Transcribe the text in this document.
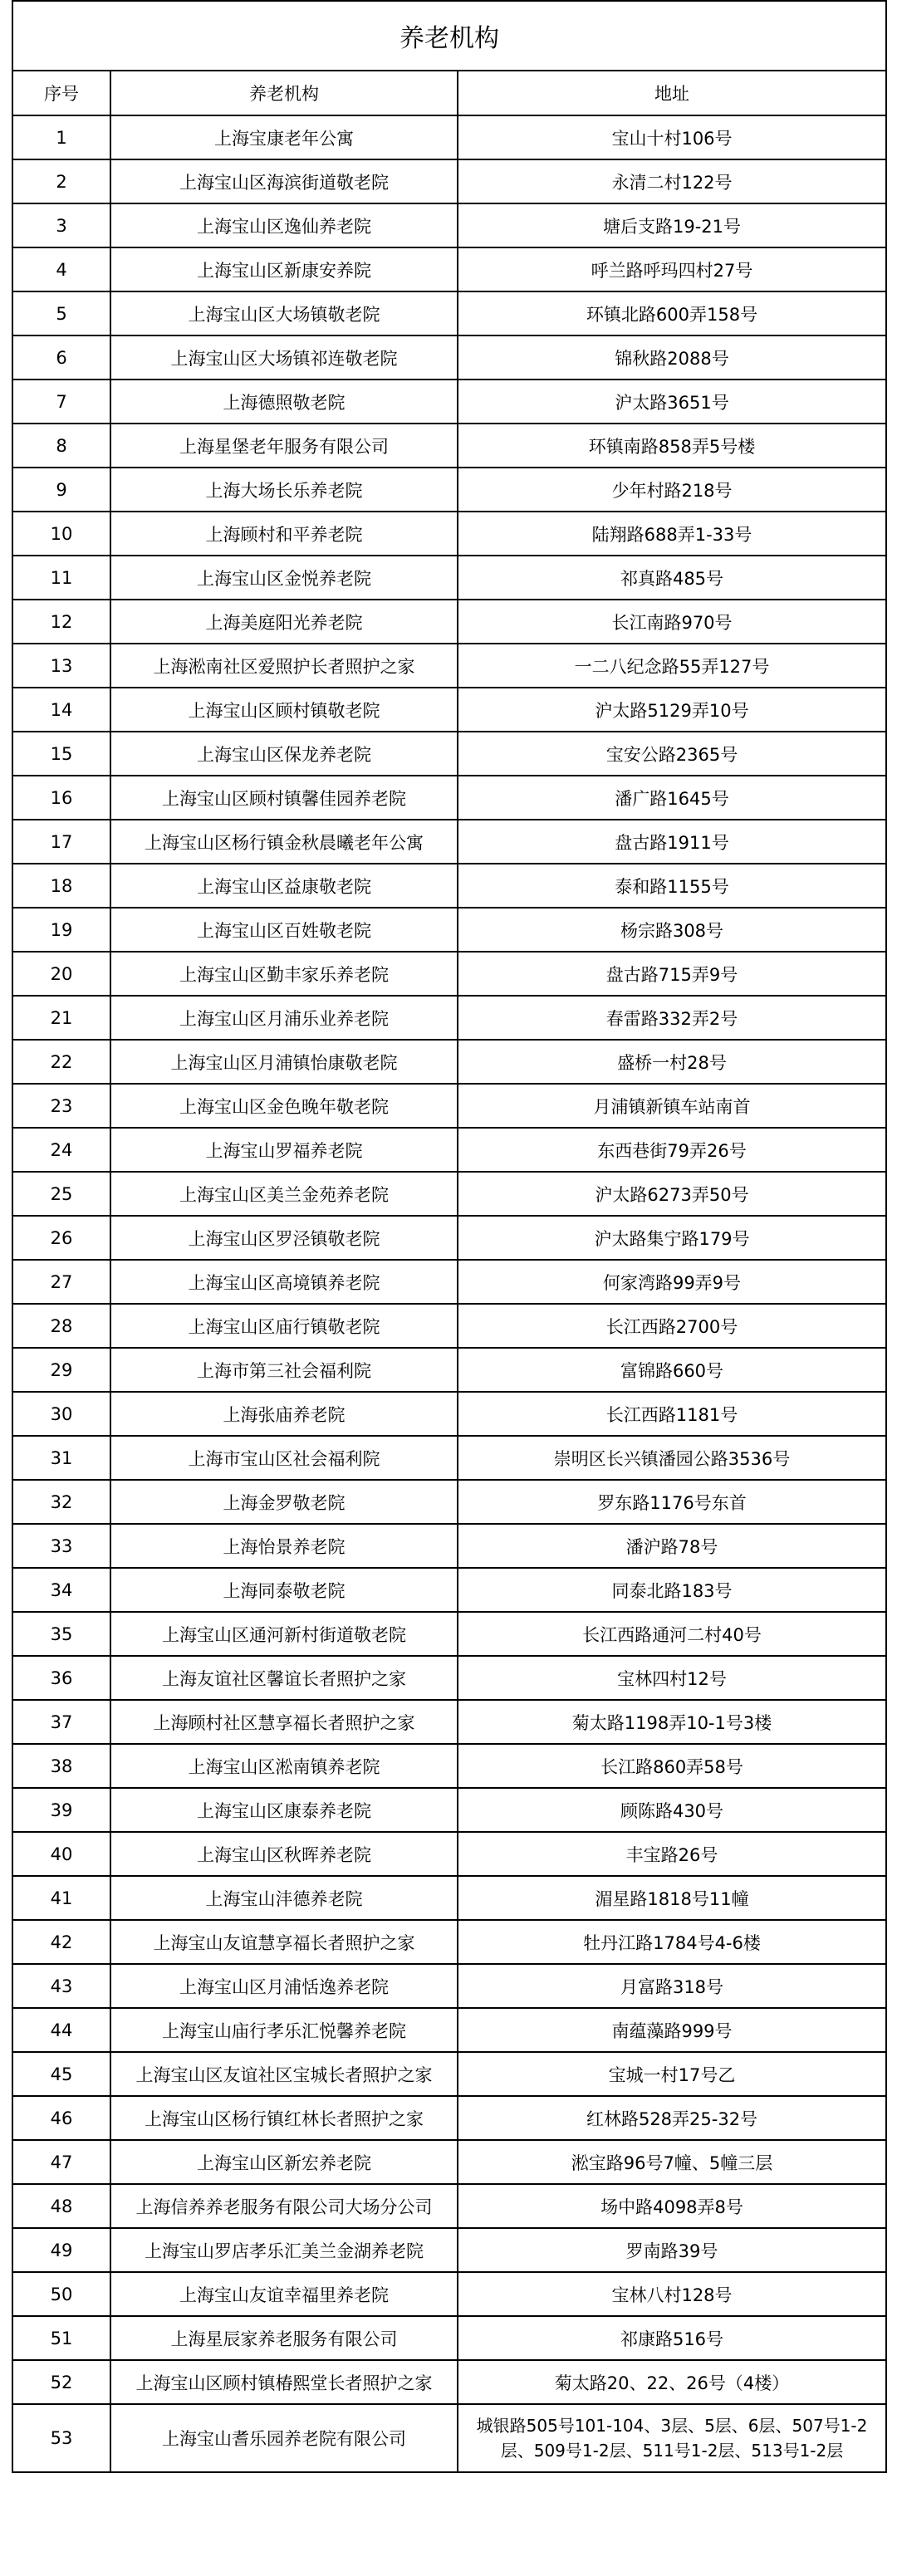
养老机构		
序号	养老机构	地址
1	上海宝康老年公寓	宝山十村106号
2	上海宝山区海滨街道敬老院	永清二村122号
3	上海宝山区逸仙养老院	塘后支路19-21号
4	上海宝山区新康安养院	呼兰路呼玛四村27号
5	上海宝山区大场镇敬老院	环镇北路600弄158号
6	上海宝山区大场镇祁连敬老院	锦秋路2088号
7	上海德照敬老院	沪太路3651号
8	上海星堡老年服务有限公司	环镇南路858弄5号楼
9	上海大场长乐养老院	少年村路218号
10	上海顾村和平养老院	陆翔路688弄1-33号
11	上海宝山区金悦养老院	祁真路485号
12	上海美庭阳光养老院	长江南路970号
13	上海淞南社区爱照护长者照护之家	一二八纪念路55弄127号
14	上海宝山区顾村镇敬老院	沪太路5129弄10号
15	上海宝山区保龙养老院	宝安公路2365号
16	上海宝山区顾村镇馨佳园养老院	潘广路1645号
17	上海宝山区杨行镇金秋晨曦老年公寓	盘古路1911号
18	上海宝山区益康敬老院	泰和路1155号
19	上海宝山区百姓敬老院	杨宗路308号
20	上海宝山区勤丰家乐养老院	盘古路715弄9号
21	上海宝山区月浦乐业养老院	春雷路332弄2号
22	上海宝山区月浦镇怡康敬老院	盛桥一村28号
23	上海宝山区金色晚年敬老院	月浦镇新镇车站南首
24	上海宝山罗福养老院	东西巷街79弄26号
25	上海宝山区美兰金苑养老院	沪太路6273弄50号
26	上海宝山区罗泾镇敬老院	沪太路集宁路179号
27	上海宝山区高境镇养老院	何家湾路99弄9号
28	上海宝山区庙行镇敬老院	长江西路2700号
29	上海市第三社会福利院	富锦路660号
30	上海张庙养老院	长江西路1181号
31	上海市宝山区社会福利院	崇明区长兴镇潘园公路3536号
32	上海金罗敬老院	罗东路1176号东首
33	上海怡景养老院	潘沪路78号
34	上海同泰敬老院	同泰北路183号
35	上海宝山区通河新村街道敬老院	长江西路通河二村40号
36	上海友谊社区馨谊长者照护之家	宝林四村12号
37	上海顾村社区慧享福长者照护之家	菊太路1198弄10-1号3楼
38	上海宝山区淞南镇养老院	长江路860弄58号
39	上海宝山区康泰养老院	顾陈路430号
40	上海宝山区秋晖养老院	丰宝路26号
41	上海宝山沣德养老院	湄星路1818号11幢
42	上海宝山友谊慧享福长者照护之家	牡丹江路1784号4-6楼
43	上海宝山区月浦恬逸养老院	月富路318号
44	上海宝山庙行孝乐汇悦馨养老院	南蕴藻路999号
45	上海宝山区友谊社区宝城长者照护之家	宝城一村17号乙
46	上海宝山区杨行镇红林长者照护之家	红林路528弄25-32号
47	上海宝山区新宏养老院	淞宝路96号7幢、5幢三层
48	上海信养养老服务有限公司大场分公司	场中路4098弄8号
49	上海宝山罗店孝乐汇美兰金湖养老院	罗南路39号
50	上海宝山友谊幸福里养老院	宝林八村128号
51	上海星辰家养老服务有限公司	祁康路516号
52	上海宝山区顾村镇椿熙堂长者照护之家	菊太路20、22、26号（4楼）
53	上海宝山耆乐园养老院有限公司	城银路505号101-104、3层、5层、6层、507号1-2层、509号1-2层、511号1-2层、513号1-2层
